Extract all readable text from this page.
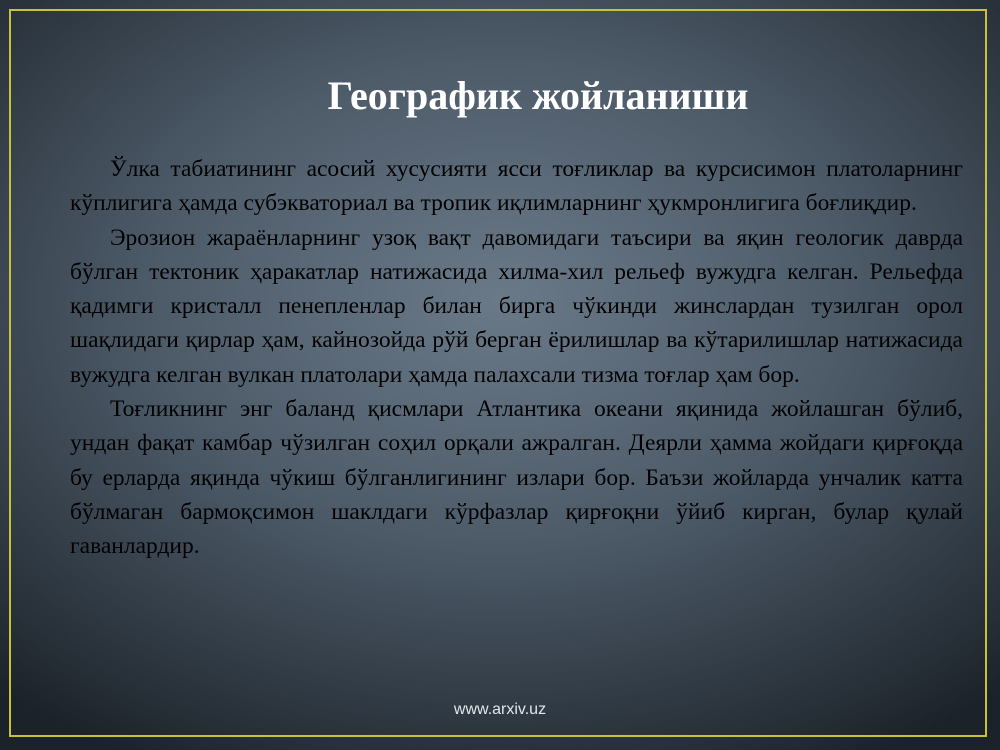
Географик жойланиши

Ўлка табиатининг асосий хусусияти ясси тоғликлар ва курсисимон платоларнинг кўплигига ҳамда субэкваториал ва тропик иқлимларнинг ҳукмронлигига боғлиқдир.

Эрозион жараёнларнинг узоқ вақт давомидаги таъсири ва яқин геологик даврда бўлган тектоник ҳаракатлар натижасида хилма-хил рельеф вужудга келган. Рельефда қадимги кристалл пенепленлар билан бирга чўкинди жинслардан тузилган орол шақлидаги қирлар ҳам, кайнозойда рўй берган ёрилишлар ва кўтарилишлар натижасида вужудга келган вулкан платолари ҳамда палахсали тизма тоғлар ҳам бор.

Тоғликнинг энг баланд қисмлари Атлантика океани яқинида жойлашган бўлиб, ундан фақат камбар чўзилган соҳил орқали ажралган. Деярли ҳамма жойдаги қирғоқда бу ерларда яқинда чўкиш бўлганлигининг излари бор. Баъзи жойларда унчалик катта бўлмаган бармоқсимон шаклдаги кўрфазлар қирғоқни ўйиб кирган, булар қулай гаванлардир.

www.arxiv.uz
